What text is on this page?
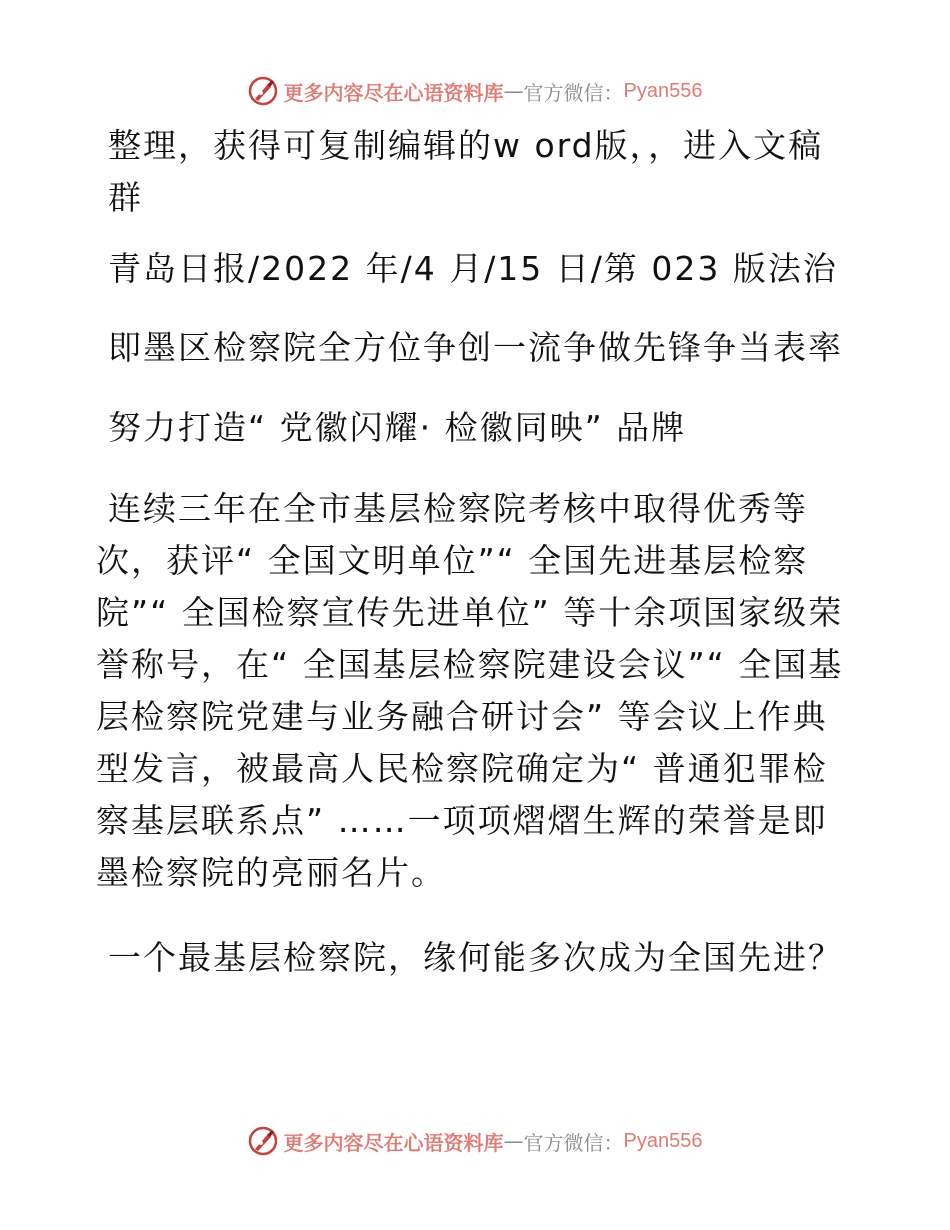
更多内容尽在心语资料库 — 官方微信： Pyan556

整理，获得可复制编辑的w ord版，，进入文稿群

青岛日报/2022 年/4 月/15 日/第 023 版法治

即墨区检察院全方位争创一流争做先锋争当表率

努力打造“ 党徽闪耀· 检徽同映” 品牌

连续三年在全市基层检察院考核中取得优秀等次，获评“ 全国文明单位”“ 全国先进基层检察院”“ 全国检察宣传先进单位” 等十余项国家级荣誉称号，在“ 全国基层检察院建设会议”“ 全国基层检察院党建与业务融合研讨会” 等会议上作典型发言，被最高人民检察院确定为“ 普通犯罪检察基层联系点” ……一项项熠熠生辉的荣誉是即墨检察院的亮丽名片。

一个最基层检察院，缘何能多次成为全国先进？

更多内容尽在心语资料库 — 官方微信： Pyan556
